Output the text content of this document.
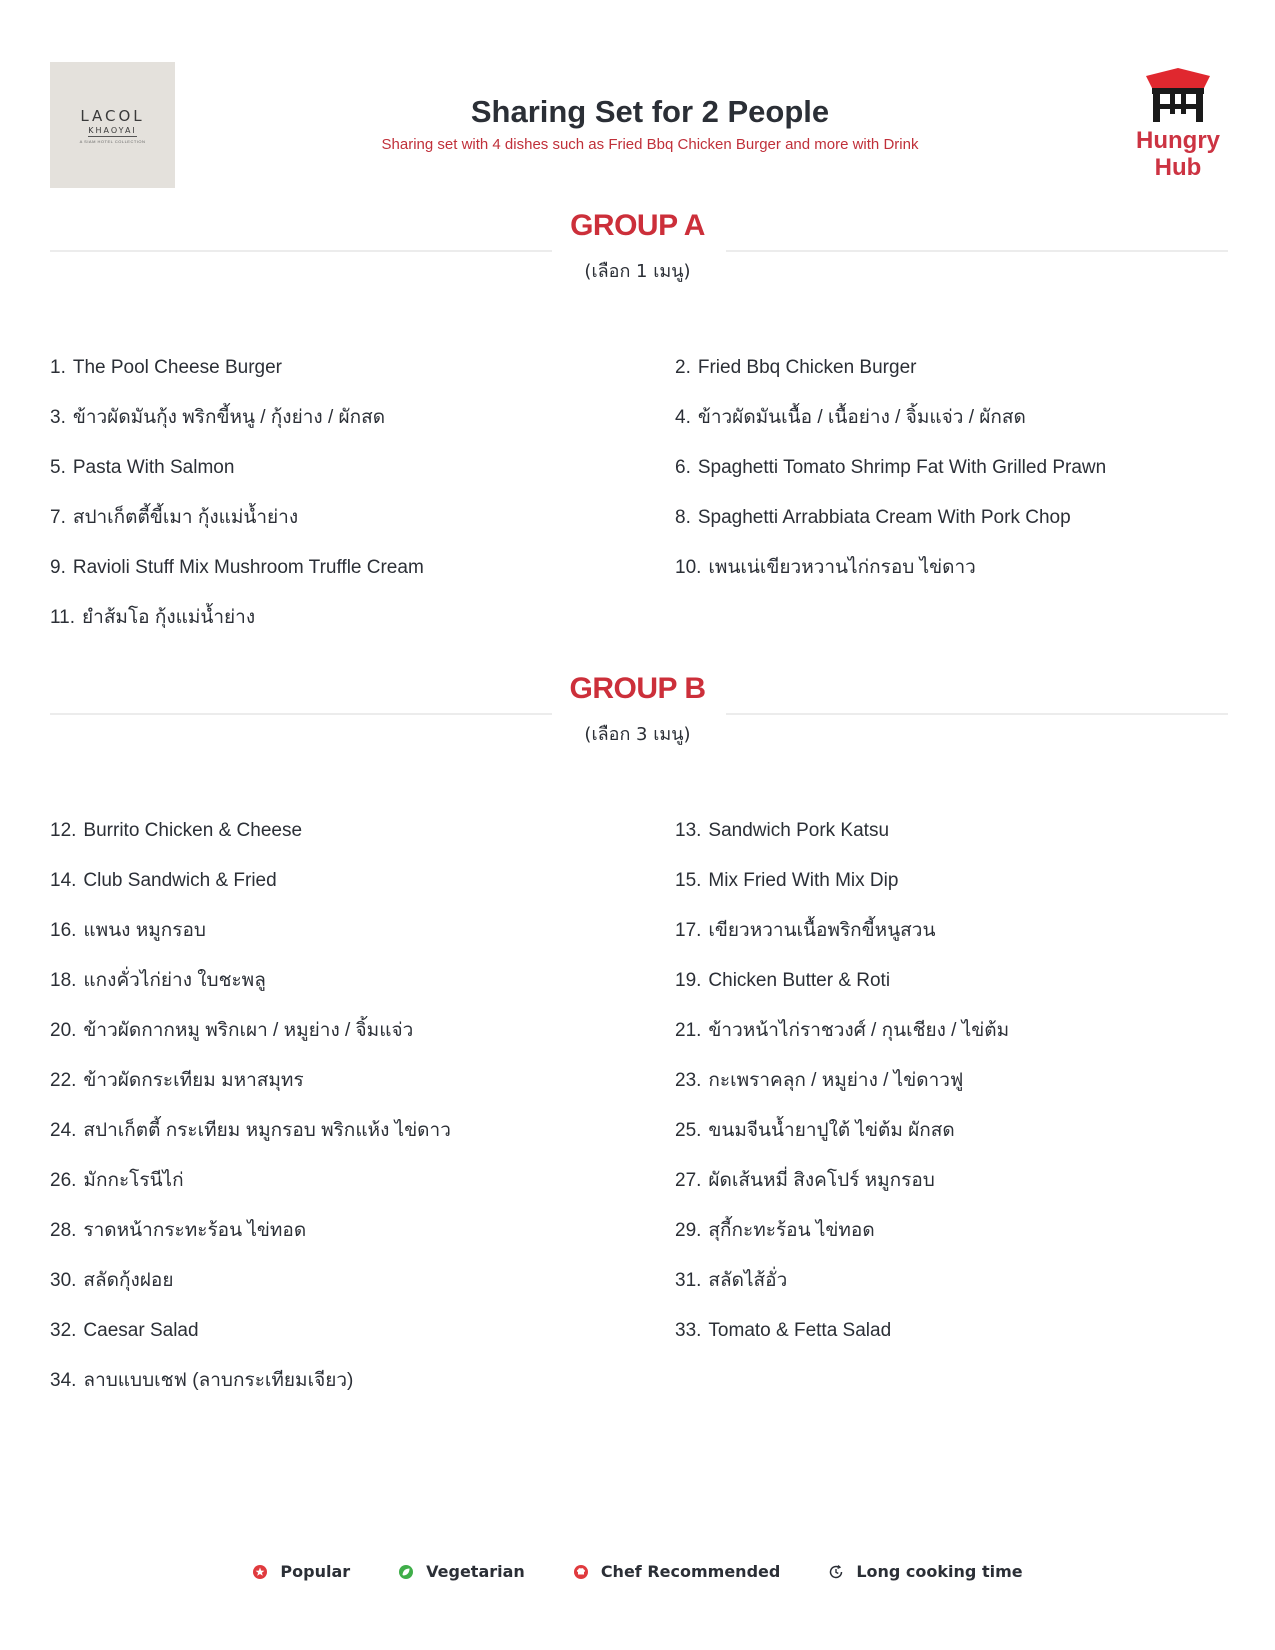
LACOL
KHAOYAI
A SIAM HOTEL COLLECTION
Sharing Set for 2 People
Sharing set with 4 dishes such as Fried Bbq Chicken Burger and more with Drink	Hungry
Hub
GROUP A
(เลือก 1 เมนู)
1. The Pool Cheese Burger	2. Fried Bbq Chicken Burger
3. ข้าวผัดมันกุ้ง พริกขี้หนู / กุ้งย่าง / ผักสด	4. ข้าวผัดมันเนื้อ / เนื้อย่าง / จิ้มแจ่ว / ผักสด
5. Pasta With Salmon	6. Spaghetti Tomato Shrimp Fat With Grilled Prawn
7. สปาเก็ตตี้ขี้เมา กุ้งแม่น้ำย่าง	8. Spaghetti Arrabbiata Cream With Pork Chop
9. Ravioli Stuff Mix Mushroom Truffle Cream	10. เพนเน่เขียวหวานไก่กรอบ ไข่ดาว
11. ยำส้มโอ กุ้งแม่น้ำย่าง
GROUP B
(เลือก 3 เมนู)
12. Burrito Chicken & Cheese	13. Sandwich Pork Katsu
14. Club Sandwich & Fried	15. Mix Fried With Mix Dip
16. แพนง หมูกรอบ	17. เขียวหวานเนื้อพริกขี้หนูสวน
18. แกงคั่วไก่ย่าง ใบชะพลู	19. Chicken Butter & Roti
20. ข้าวผัดกากหมู พริกเผา / หมูย่าง / จิ้มแจ่ว	21. ข้าวหน้าไก่ราชวงศ์ / กุนเชียง / ไข่ต้ม
22. ข้าวผัดกระเทียม มหาสมุทร	23. กะเพราคลุก / หมูย่าง / ไข่ดาวฟู
24. สปาเก็ตตี้ กระเทียม หมูกรอบ พริกแห้ง ไข่ดาว	25. ขนมจีนน้ำยาปูใต้ ไข่ต้ม ผักสด
26. มักกะโรนีไก่	27. ผัดเส้นหมี่ สิงคโปร์ หมูกรอบ
28. ราดหน้ากระทะร้อน ไข่ทอด	29. สุกี้กะทะร้อน ไข่ทอด
30. สลัดกุ้งฝอย	31. สลัดไส้อั่ว
32. Caesar Salad	33. Tomato & Fetta Salad
34. ลาบแบบเชฟ (ลาบกระเทียมเจียว)
Popular	Vegetarian	Chef Recommended	Long cooking time
